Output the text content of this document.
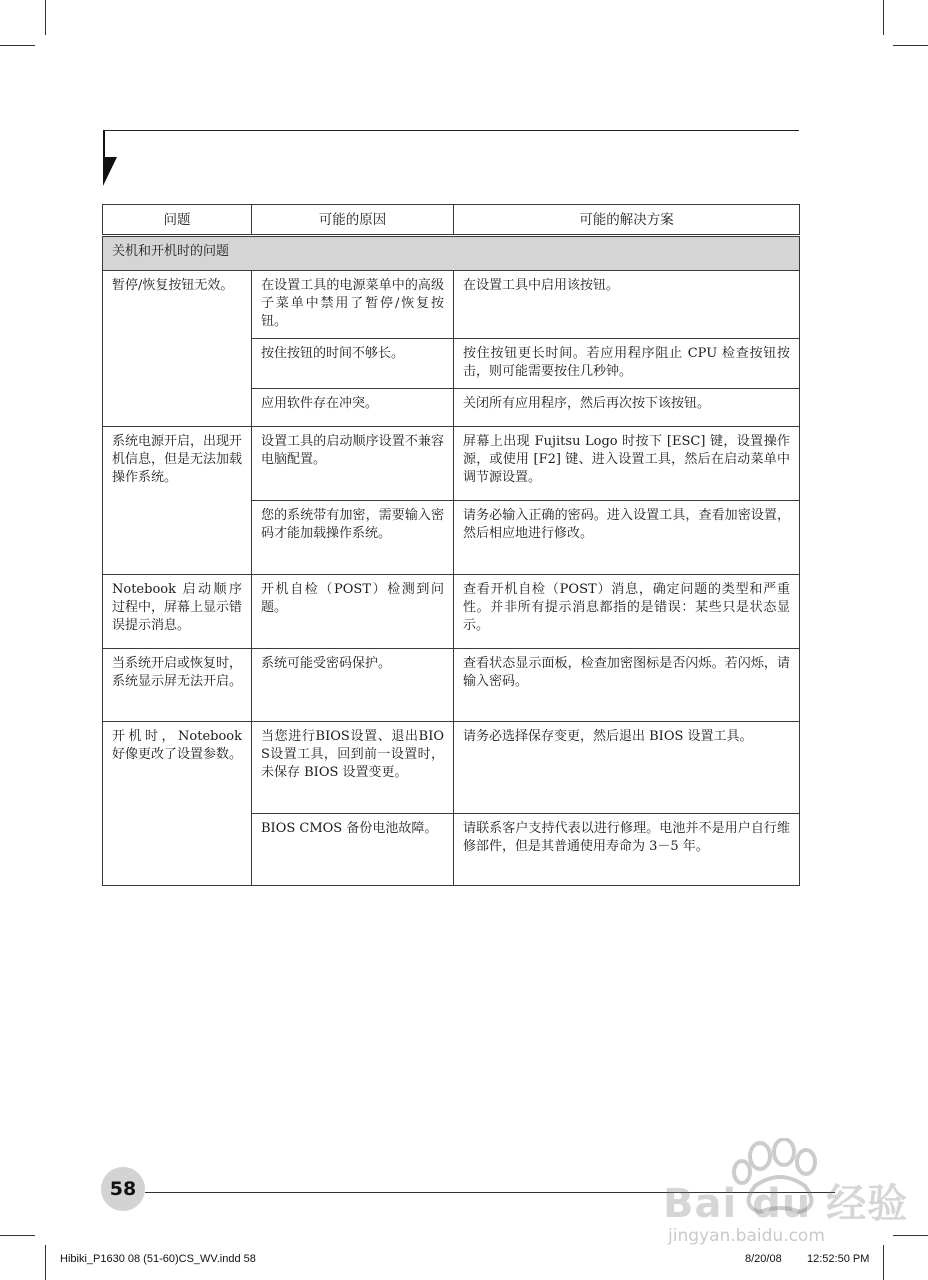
问题	可能的原因	可能的解决方案
关机和开机时的问题		
暂停/恢复按钮无效。	在设置工具的电源菜单中的高级子菜单中禁用了暂停/恢复按钮。	在设置工具中启用该按钮。
	按住按钮的时间不够长。	按住按钮更长时间。若应用程序阻止 CPU 检查按钮按击，则可能需要按住几秒钟。
	应用软件存在冲突。	关闭所有应用程序，然后再次按下该按钮。
系统电源开启，出现开机信息，但是无法加载操作系统。	设置工具的启动顺序设置不兼容电脑配置。	屏幕上出现 Fujitsu Logo 时按下 [ESC] 键，设置操作源，或使用 [F2] 键、进入设置工具，然后在启动菜单中调节源设置。
	您的系统带有加密，需要输入密码才能加载操作系统。	请务必输入正确的密码。进入设置工具，查看加密设置，然后相应地进行修改。
Notebook 启动顺序过程中，屏幕上显示错误提示消息。	开机自检（POST）检测到问题。	查看开机自检（POST）消息，确定问题的类型和严重性。并非所有提示消息都指的是错误：某些只是状态显示。
当系统开启或恢复时，系统显示屏无法开启。	系统可能受密码保护。	查看状态显示面板，检查加密图标是否闪烁。若闪烁，请输入密码。
开机时，Notebook 好像更改了设置参数。	当您进行BIOS设置、退出BIOS设置工具，回到前一设置时，未保存 BIOS 设置变更。	请务必选择保存变更，然后退出 BIOS 设置工具。
	BIOS CMOS 备份电池故障。	请联系客户支持代表以进行修理。电池并不是用户自行维修部件，但是其普通使用寿命为 3－5 年。
58	Bai du 经验
jingyan.baidu.com
Hibiki_P1630 08 (51-60)CS_WV.indd 58	8/20/08 12:52:50 PM
